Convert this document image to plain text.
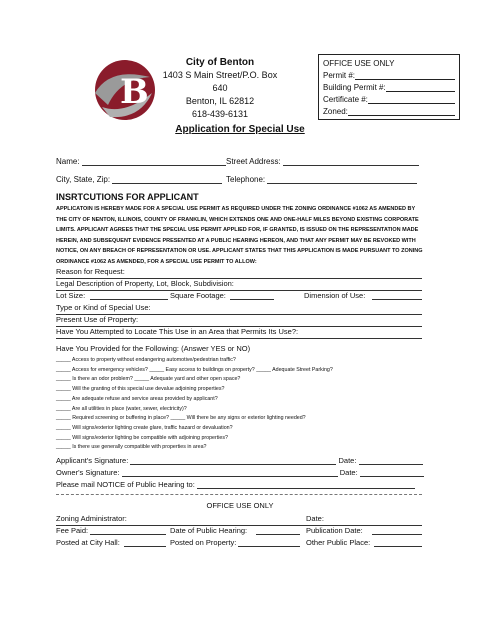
B
City of Benton
1403 S Main Street/P.O. Box 640
Benton, IL 62812
618-439-6131
OFFICE USE ONLY
Permit #:
Building Permit #:
Certificate #:
Zoned:
Application for Special Use
Name:	Street Address:
City, State, Zip:	Telephone:
INSRTCUTIONS FOR APPLICANT
APPLICATOIN IS HEREBY MADE FOR A SPECIAL USE PERMIT AS REQUIRED UNDER THE ZONING ORDINANCE #1062 AS AMENDED BY THE CITY OF NENTON, ILLINOIS, COUNTY OF FRANKLIN, WHICH EXTENDS ONE AND ONE-HALF MILES BEYOND EXISTING CORPORATE LIMITS. APPLICANT AGREES THAT THE SPECIAL USE PERMIT APPLIED FOR, IF GRANTED, IS ISSUED ON THE REPRESENTATION MADE HEREIN, AND SUBSEQUENT EVIDENCE PRESENTED AT A PUBLIC HEARING HEREON, AND THAT ANY PERMIT MAY BE REVOKED WITH NOTICE, ON ANY BREACH OF REPRESENTATION OR USE. APPLICANT STATES THAT THIS APPLICATION IS MADE PURSUANT TO ZONING ORDINANCE #1062 AS AMENDED, FOR A SPECIAL USE PERMIT TO ALLOW:
Reason for Request:
Legal Description of Property, Lot, Block, Subdivision:
Lot Size:	Square Footage:	Dimension of Use:
Type or Kind of Special Use:
Present Use of Property:
Have You Attempted to Locate This Use in an Area that Permits Its Use?:
Have You Provided for the Following: (Answer YES or NO)
_____ Access to property without endangering automotive/pedestrian traffic?
_____ Access for emergency vehicles? _____ Easy access to buildings on property? _____ Adequate Street Parking?
_____ Is there an odor problem? _____ Adequate yard and other open space?
_____ Will the granting of this special use devalue adjoining properties?
_____ Are adequate refuse and service areas provided by applicant?
_____ Are all utilities in place (water, sewer, electricity)?
_____ Required screening or buffering in place? _____ Will there be any signs or exterior lighting needed?
_____ Will signs/exterior lighting create glare, traffic hazard or devaluation?
_____ Will signs/exterior lighting be compatible with adjoining properties?
_____ Is there use generally compatible with properties in area?
Applicant's Signature:	Date:
Owner's Signature:	Date:
Please mail NOTICE of Public Hearing to:
OFFICE USE ONLY
Zoning Administrator:	Date:
Fee Paid:	Date of Public Hearing:	Publication Date:
Posted at City Hall:	Posted on Property:	Other Public Place:
